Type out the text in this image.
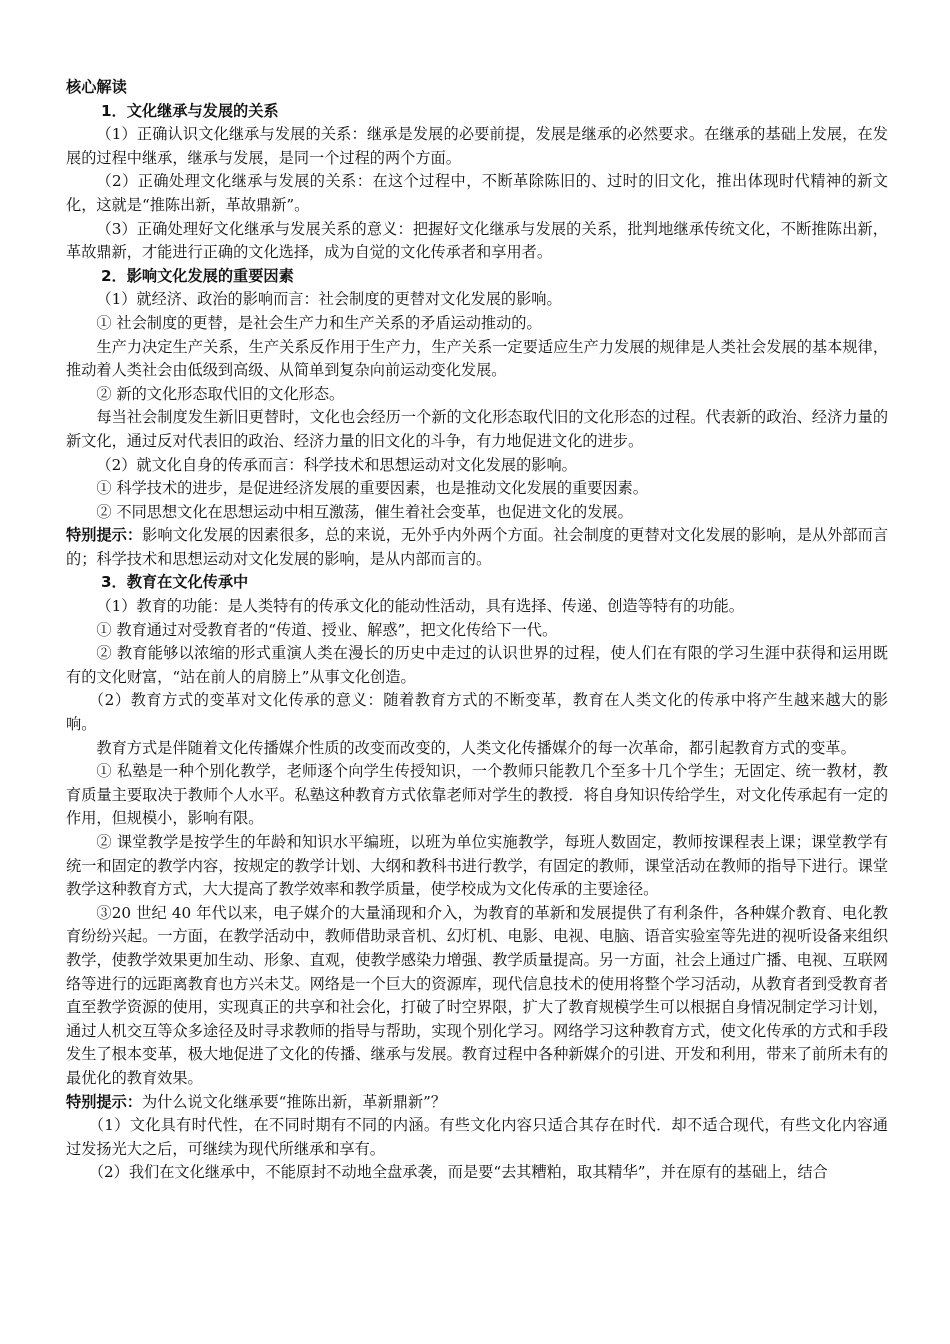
核心解读

1．文化继承与发展的关系

（1）正确认识文化继承与发展的关系：继承是发展的必要前提，发展是继承的必然要求。在继承的基础上发展，在发展的过程中继承，继承与发展，是同一个过程的两个方面。

（2）正确处理文化继承与发展的关系：在这个过程中，不断革除陈旧的、过时的旧文化，推出体现时代精神的新文化，这就是“推陈出新，革故鼎新”。

（3）正确处理好文化继承与发展关系的意义：把握好文化继承与发展的关系，批判地继承传统文化，不断推陈出新，革故鼎新，才能进行正确的文化选择，成为自觉的文化传承者和享用者。

2．影响文化发展的重要因素

（1）就经济、政治的影响而言：社会制度的更替对文化发展的影响。

① 社会制度的更替，是社会生产力和生产关系的矛盾运动推动的。

生产力决定生产关系，生产关系反作用于生产力，生产关系一定要适应生产力发展的规律是人类社会发展的基本规律，推动着人类社会由低级到高级、从简单到复杂向前运动变化发展。

② 新的文化形态取代旧的文化形态。

每当社会制度发生新旧更替时，文化也会经历一个新的文化形态取代旧的文化形态的过程。代表新的政治、经济力量的新文化，通过反对代表旧的政治、经济力量的旧文化的斗争，有力地促进文化的进步。

（2）就文化自身的传承而言：科学技术和思想运动对文化发展的影响。

① 科学技术的进步，是促进经济发展的重要因素，也是推动文化发展的重要因素。

② 不同思想文化在思想运动中相互激荡，催生着社会变革，也促进文化的发展。

特别提示：影响文化发展的因素很多，总的来说，无外乎内外两个方面。社会制度的更替对文化发展的影响，是从外部而言的；科学技术和思想运动对文化发展的影响，是从内部而言的。

3．教育在文化传承中

（1）教育的功能：是人类特有的传承文化的能动性活动，具有选择、传递、创造等特有的功能。

① 教育通过对受教育者的“传道、授业、解惑”，把文化传给下一代。

② 教育能够以浓缩的形式重演人类在漫长的历史中走过的认识世界的过程，使人们在有限的学习生涯中获得和运用既有的文化财富，“站在前人的肩膀上”从事文化创造。

（2）教育方式的变革对文化传承的意义：随着教育方式的不断变革，教育在人类文化的传承中将产生越来越大的影响。

教育方式是伴随着文化传播媒介性质的改变而改变的，人类文化传播媒介的每一次革命，都引起教育方式的变革。

① 私塾是一种个别化教学，老师逐个向学生传授知识，一个教师只能教几个至多十几个学生；无固定、统一教材，教育质量主要取决于教师个人水平。私塾这种教育方式依靠老师对学生的教授．将自身知识传给学生，对文化传承起有一定的作用，但规模小，影响有限。

② 课堂教学是按学生的年龄和知识水平编班，以班为单位实施教学，每班人数固定，教师按课程表上课；课堂教学有统一和固定的教学内容，按规定的教学计划、大纲和教科书进行教学，有固定的教师，课堂活动在教师的指导下进行。课堂教学这种教育方式，大大提高了教学效率和教学质量，使学校成为文化传承的主要途径。

③20 世纪 40 年代以来，电子媒介的大量涌现和介入，为教育的革新和发展提供了有利条件，各种媒介教育、电化教育纷纷兴起。一方面，在教学活动中，教师借助录音机、幻灯机、电影、电视、电脑、语音实验室等先进的视听设备来组织教学，使教学效果更加生动、形象、直观，使教学感染力增强、教学质量提高。另一方面，社会上通过广播、电视、互联网络等进行的远距离教育也方兴未艾。网络是一个巨大的资源库，现代信息技术的使用将整个学习活动，从教育者到受教育者直至教学资源的使用，实现真正的共享和社会化，打破了时空界限，扩大了教育规模学生可以根据自身情况制定学习计划，通过人机交互等众多途径及时寻求教师的指导与帮助，实现个别化学习。网络学习这种教育方式，使文化传承的方式和手段发生了根本变革，极大地促进了文化的传播、继承与发展。教育过程中各种新媒介的引进、开发和利用，带来了前所未有的最优化的教育效果。

特别提示：为什么说文化继承要“推陈出新，革新鼎新”？

（1）文化具有时代性，在不同时期有不同的内涵。有些文化内容只适合其存在时代．却不适合现代，有些文化内容通过发扬光大之后，可继续为现代所继承和享有。

（2）我们在文化继承中，不能原封不动地全盘承袭，而是要“去其糟粕，取其精华”，并在原有的基础上，结合
